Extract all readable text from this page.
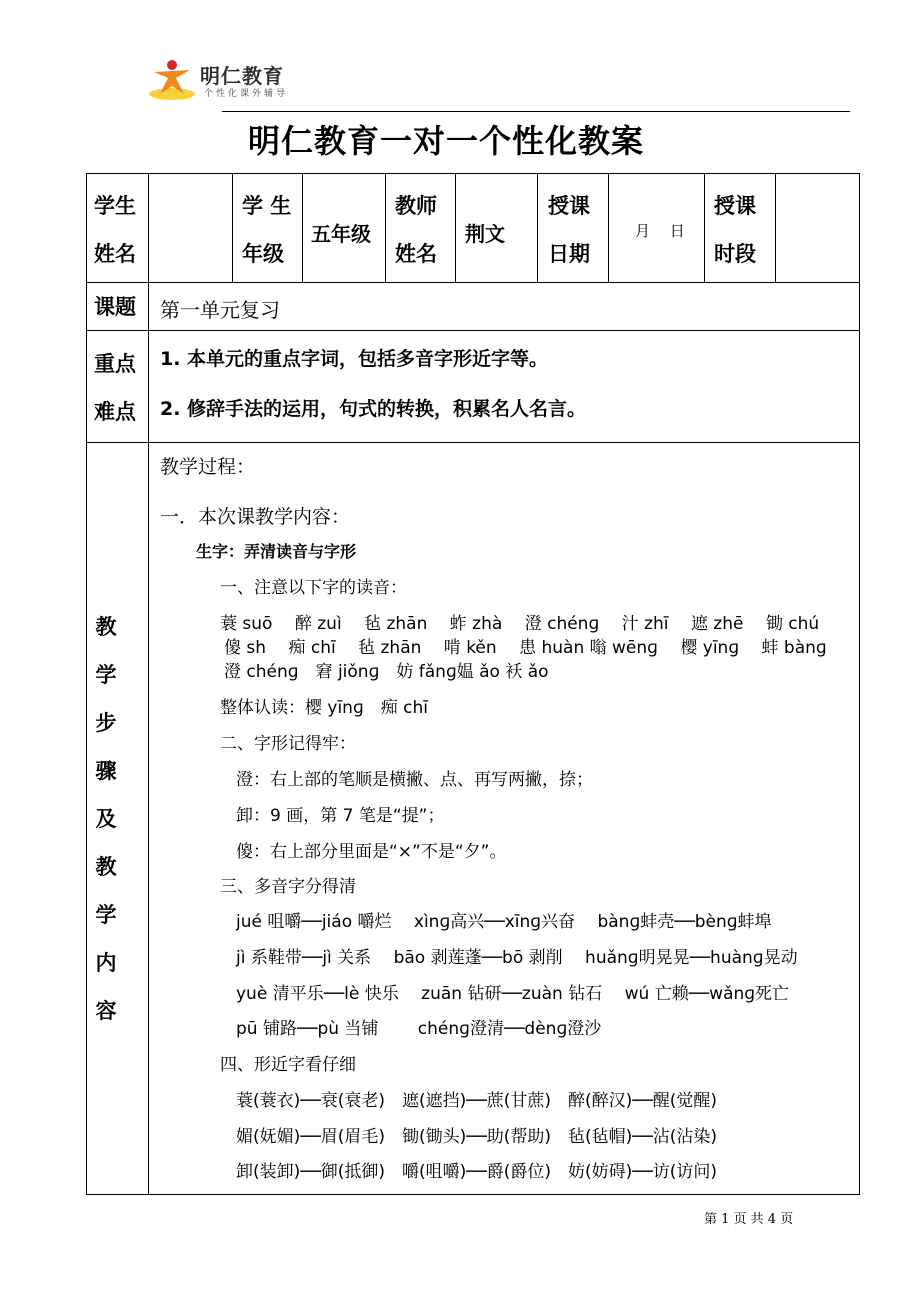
明仁教育
个性化课外辅导
明仁教育一对一个性化教案
学生
姓名
学 生
年级
五年级
教师
姓名
荆文
授课
日期
月　 日
授课
时段
课题 第一单元复习
重点
难点
1. 本单元的重点字词，包括多音字形近字等。
2. 修辞手法的运用，句式的转换，积累名人名言。
教
学
步
骤
及
教
学
内
容
教学过程：
一．本次课教学内容：
生字：弄清读音与字形
一、注意以下字的读音：
蓑 suō　 醉 zuì　 毡 zhān　 蚱 zhà　 澄 chénɡ　 汁 zhī　 遮 zhē　 锄 chú
傻 sh　 痴 chī　 毡 zhān　 啃 kěn　 患 huàn 嗡 wēnɡ　 樱 yīnɡ　 蚌 bànɡ
澄 chénɡ　窘 jiǒnɡ　妨 fǎnɡ媪 ǎo 袄 ǎo
整体认读：樱 yīnɡ　痴 chī
二、字形记得牢：
澄：右上部的笔顺是横撇、点、再写两撇，捺；
卸：9 画，第 7 笔是“提”；
傻：右上部分里面是“×”不是“夕”。
三、多音字分得清
jué 咀嚼──jiáo 嚼烂　 xìnɡ高兴──xīnɡ兴奋　 bànɡ蚌壳──bènɡ蚌埠
jì 系鞋带──jì 关系　 bāo 剥莲蓬──bō 剥削　 huǎnɡ明晃晃──huànɡ晃动
yuè 清平乐──lè 快乐　 zuān 钻研──zuàn 钻石　 wú 亡赖──wǎnɡ死亡
pū 铺路──pù 当铺　　 chénɡ澄清──dènɡ澄沙
四、形近字看仔细
蓑(蓑衣)──衰(衰老)　遮(遮挡)──蔗(甘蔗)　醉(醉汉)──醒(觉醒)
媚(妩媚)──眉(眉毛)　锄(锄头)──助(帮助)　毡(毡帽)──沾(沾染)
卸(装卸)──御(抵御)　嚼(咀嚼)──爵(爵位)　妨(妨碍)──访(访问)
第 1 页 共 4 页
